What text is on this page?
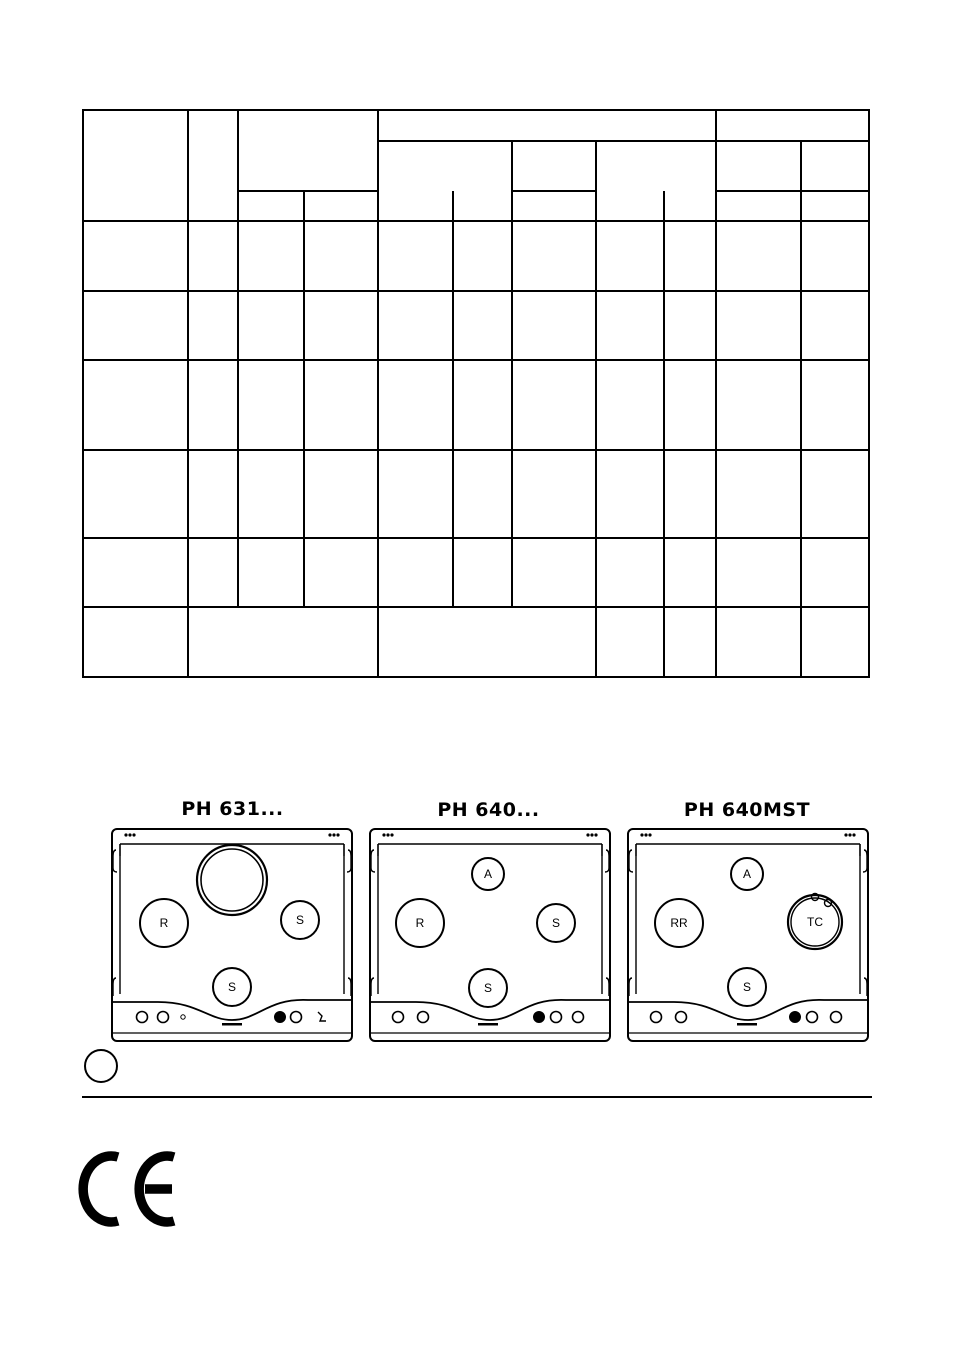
PH 631...	PH 640...	PH 640MST
R	S
S
A
R	S
S
A
RR	TC
S
